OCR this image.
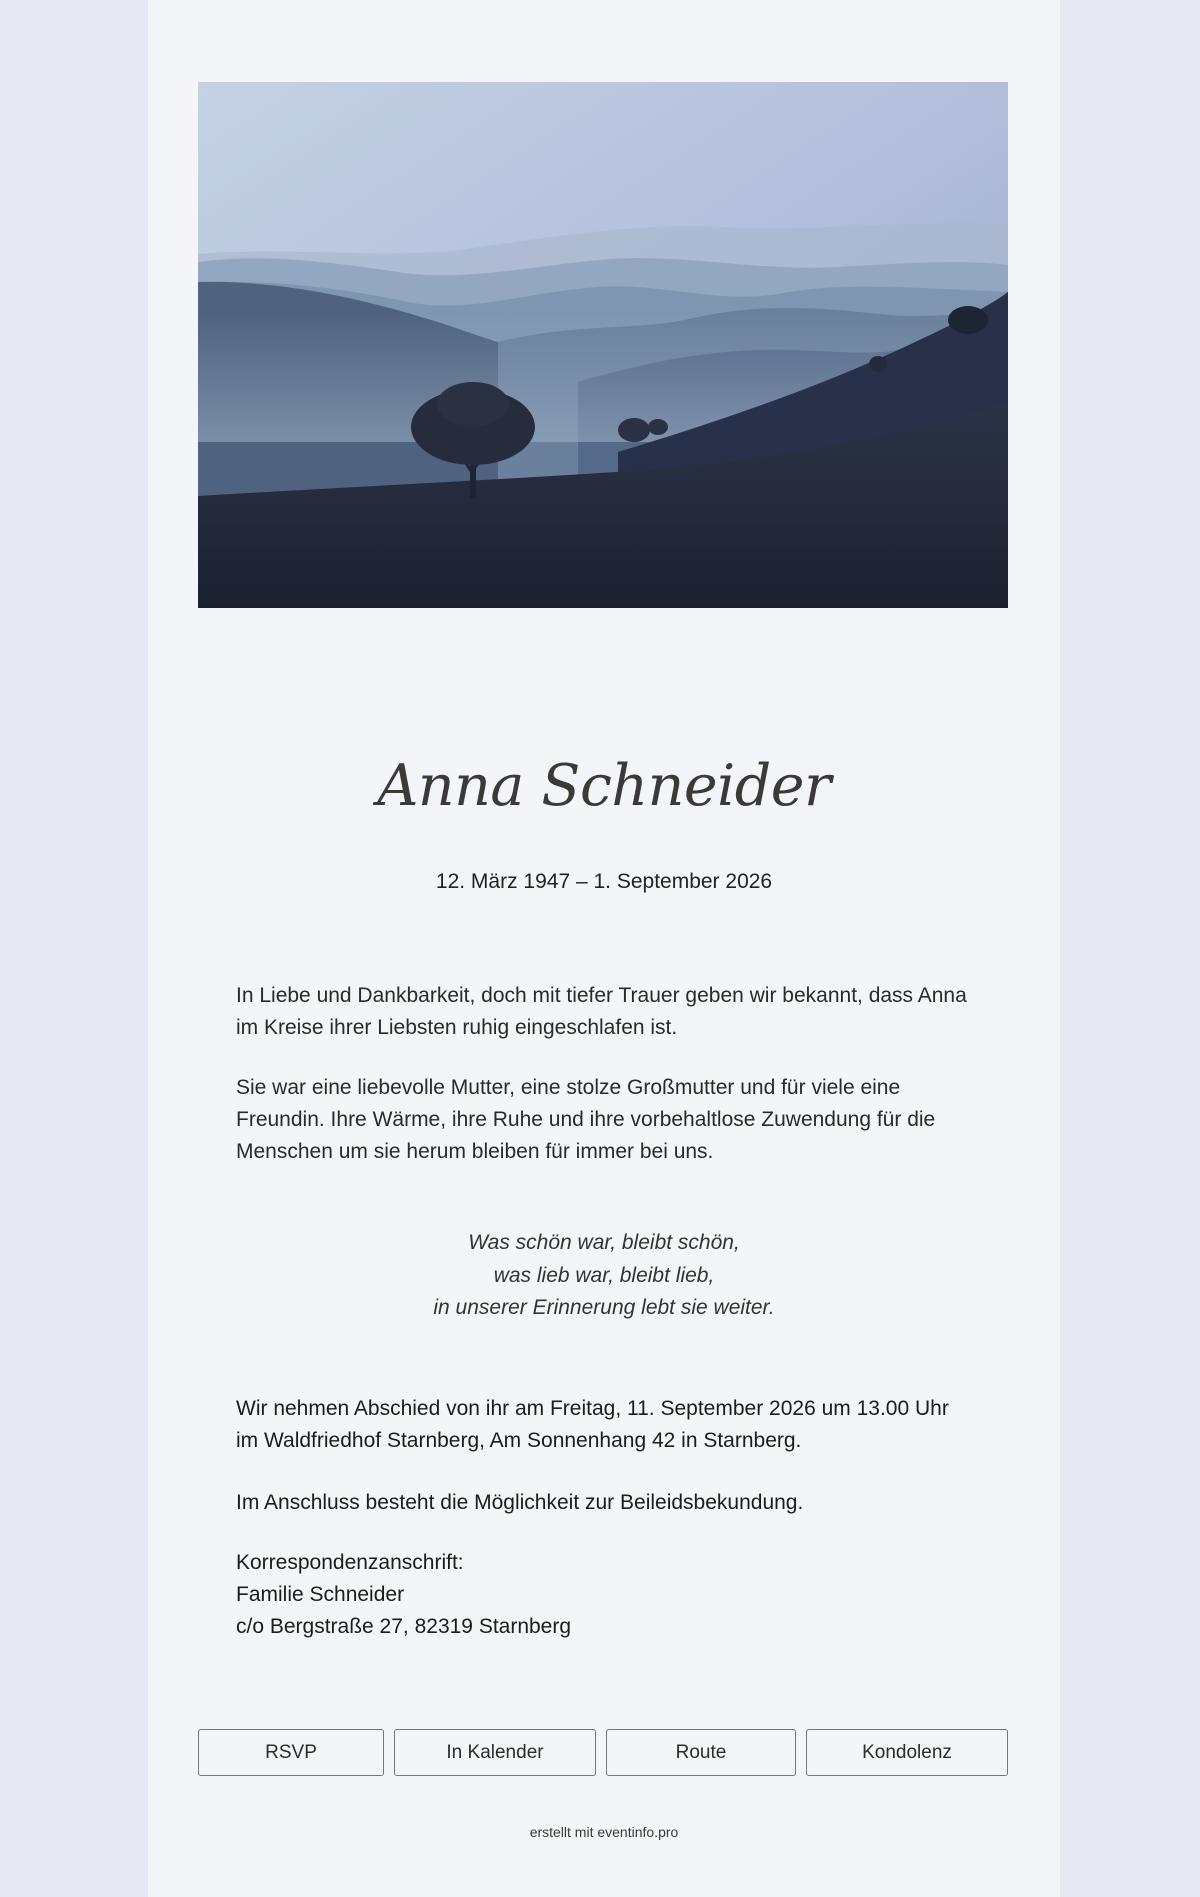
Anna Schneider
12. März 1947 – 1. September 2026

In Liebe und Dankbarkeit, doch mit tiefer Trauer geben wir bekannt, dass Anna im Kreise ihrer Liebsten ruhig eingeschlafen ist.

Sie war eine liebevolle Mutter, eine stolze Großmutter und für viele eine Freundin. Ihre Wärme, ihre Ruhe und ihre vorbehaltlose Zuwendung für die Menschen um sie herum bleiben für immer bei uns.

Was schön war, bleibt schön,
was lieb war, bleibt lieb,
in unserer Erinnerung lebt sie weiter.

Wir nehmen Abschied von ihr am Freitag, 11. September 2026 um 13.00 Uhr im Waldfriedhof Starnberg, Am Sonnenhang 42 in Starnberg.

Im Anschluss besteht die Möglichkeit zur Beileidsbekundung.

Korrespondenzanschrift:
Familie Schneider
c/o Bergstraße 27, 82319 Starnberg
RSVP	In Kalender	Route	Kondolenz
erstellt mit eventinfo.pro
